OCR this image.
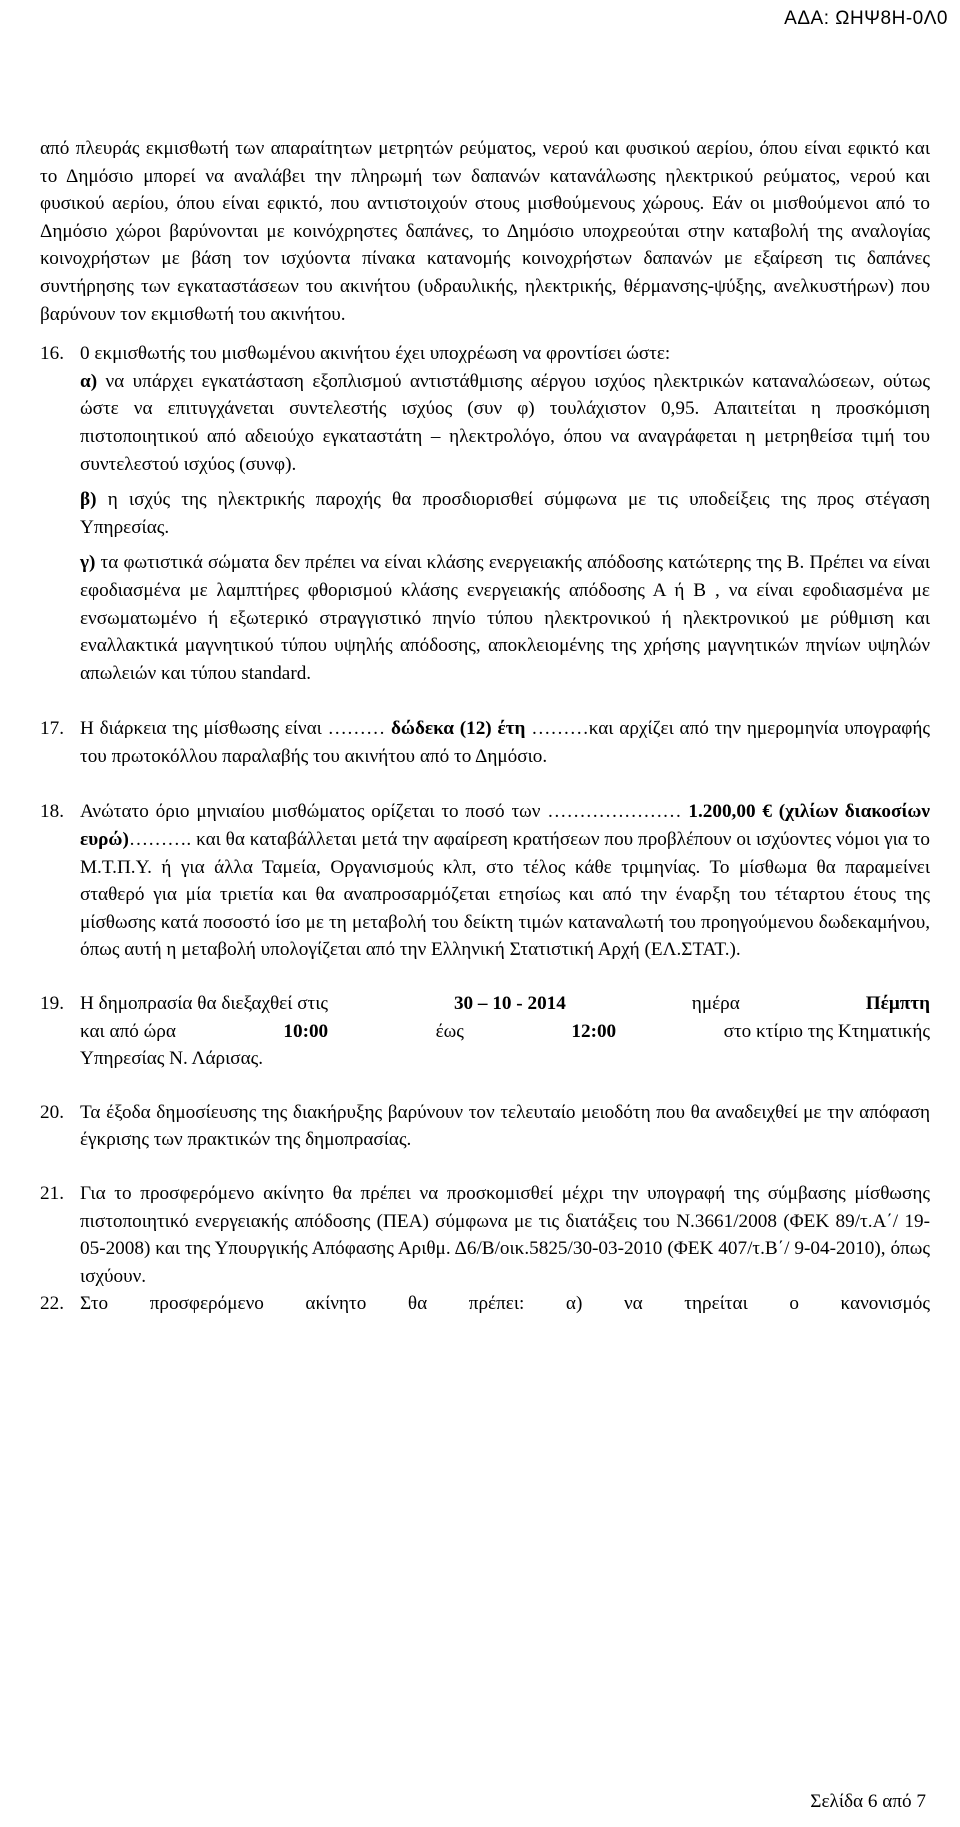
ΑΔΑ: ΩΗΨ8Η-0Λ0

από πλευράς εκμισθωτή των απαραίτητων μετρητών ρεύματος, νερού και φυσικού αερίου, όπου είναι εφικτό και το Δημόσιο μπορεί να αναλάβει την πληρωμή των δαπανών κατανάλωσης ηλεκτρικού ρεύματος, νερού και φυσικού αερίου, όπου είναι εφικτό, που αντιστοιχούν στους μισθούμενους χώρους. Εάν οι μισθούμενοι από το Δημόσιο χώροι βαρύνονται με κοινόχρηστες δαπάνες, το Δημόσιο υποχρεούται στην καταβολή της αναλογίας κοινοχρήστων με βάση τον ισχύοντα πίνακα κατανομής κοινοχρήστων δαπανών με εξαίρεση τις δαπάνες συντήρησης των εγκαταστάσεων του ακινήτου (υδραυλικής, ηλεκτρικής, θέρμανσης-ψύξης, ανελκυστήρων) που βαρύνουν τον εκμισθωτή του ακινήτου.

16. 0 εκμισθωτής του μισθωμένου ακινήτου έχει υποχρέωση να φροντίσει ώστε:

α) να υπάρχει εγκατάσταση εξοπλισμού αντιστάθμισης αέργου ισχύος ηλεκτρικών καταναλώσεων, ούτως ώστε να επιτυγχάνεται συντελεστής ισχύος (συν φ) τουλάχιστον 0,95. Απαιτείται η προσκόμιση πιστοποιητικού από αδειούχο εγκαταστάτη – ηλεκτρολόγο, όπου να αναγράφεται η μετρηθείσα τιμή του συντελεστού ισχύος (συνφ).

β) η ισχύς της ηλεκτρικής παροχής θα προσδιορισθεί σύμφωνα με τις υποδείξεις της προς στέγαση Υπηρεσίας.

γ) τα φωτιστικά σώματα δεν πρέπει να είναι κλάσης ενεργειακής απόδοσης κατώτερης της Β. Πρέπει να είναι εφοδιασμένα με λαμπτήρες φθορισμού κλάσης ενεργειακής απόδοσης Α ή Β , να είναι εφοδιασμένα με ενσωματωμένο ή εξωτερικό στραγγιστικό πηνίο τύπου ηλεκτρονικού ή ηλεκτρονικού με ρύθμιση και εναλλακτικά μαγνητικού τύπου υψηλής απόδοσης, αποκλειομένης της χρήσης μαγνητικών πηνίων υψηλών απωλειών και τύπου standard.

17. Η διάρκεια της μίσθωσης είναι ……… δώδεκα (12) έτη ………και αρχίζει από την ημερομηνία υπογραφής του πρωτοκόλλου παραλαβής του ακινήτου από το Δημόσιο.

18. Ανώτατο όριο μηνιαίου μισθώματος ορίζεται το ποσό των ………………… 1.200,00 € (χιλίων διακοσίων ευρώ)………. και θα καταβάλλεται μετά την αφαίρεση κρατήσεων που προβλέπουν οι ισχύοντες νόμοι για το Μ.Τ.Π.Υ. ή για άλλα Ταμεία, Οργανισμούς κλπ, στο τέλος κάθε τριμηνίας. Το μίσθωμα θα παραμείνει σταθερό για μία τριετία και θα αναπροσαρμόζεται ετησίως και από την έναρξη του τέταρτου έτους της μίσθωσης κατά ποσοστό ίσο με τη μεταβολή του δείκτη τιμών καταναλωτή του προηγούμενου δωδεκαμήνου, όπως αυτή η μεταβολή υπολογίζεται από την Ελληνική Στατιστική Αρχή (ΕΛ.ΣΤΑΤ.).

19. Η δημοπρασία θα διεξαχθεί στις	30 – 10 - 2014	ημέρα	Πέμπτη
και από ώρα	10:00	έως	12:00	στο κτίριο της Κτηματικής

Υπηρεσίας Ν. Λάρισας.

20. Τα έξοδα δημοσίευσης της διακήρυξης βαρύνουν τον τελευταίο μειοδότη που θα αναδειχθεί με την απόφαση έγκρισης των πρακτικών της δημοπρασίας.

21. Για το προσφερόμενο ακίνητο θα πρέπει να προσκομισθεί μέχρι την υπογραφή της σύμβασης μίσθωσης πιστοποιητικό ενεργειακής απόδοσης (ΠΕΑ) σύμφωνα με τις διατάξεις του Ν.3661/2008 (ΦΕΚ 89/τ.Α΄/ 19-05-2008) και της Υπουργικής Απόφασης Αριθμ. Δ6/Β/οικ.5825/30-03-2010 (ΦΕΚ 407/τ.Β΄/ 9-04-2010), όπως ισχύουν.

22. Στο προσφερόμενο ακίνητο θα πρέπει: α) να τηρείται ο κανονισμός

Σελίδα 6 από 7
